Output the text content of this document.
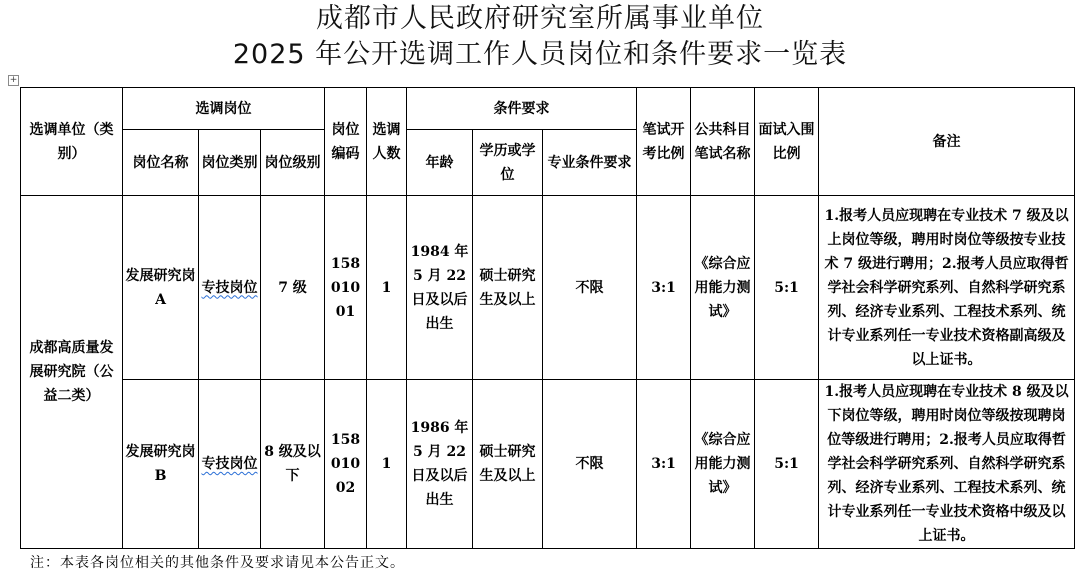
成都市人民政府研究室所属事业单位
2025 年公开选调工作人员岗位和条件要求一览表
+
选调单位（类别）	选调岗位			岗位编码	选调人数	条件要求			笔试开考比例	公共科目笔试名称	面试入围比例	备注
	岗位名称	岗位类别	岗位级别			年龄	学历或学位	专业条件要求				
成都高质量发展研究院（公益二类）	发展研究岗 A	专技岗位	7 级	15801001	1	1984 年5 月 22日及以后出生	硕士研究生及以上	不限	3:1	《综合应用能力测试》	5:1	1.报考人员应现聘在专业技术 7 级及以上岗位等级，聘用时岗位等级按专业技术 7 级进行聘用；2.报考人员应取得哲学社会科学研究系列、自然科学研究系列、经济专业系列、工程技术系列、统计专业系列任一专业技术资格副高级及以上证书。
	发展研究岗 B	专技岗位	8 级及以下	15801002	1	1986 年5 月 22日及以后出生	硕士研究生及以上	不限	3:1	《综合应用能力测试》	5:1	1.报考人员应现聘在专业技术 8 级及以下岗位等级，聘用时岗位等级按现聘岗位等级进行聘用；2.报考人员应取得哲学社会科学研究系列、自然科学研究系列、经济专业系列、工程技术系列、统计专业系列任一专业技术资格中级及以上证书。
注：本表各岗位相关的其他条件及要求请见本公告正文。
